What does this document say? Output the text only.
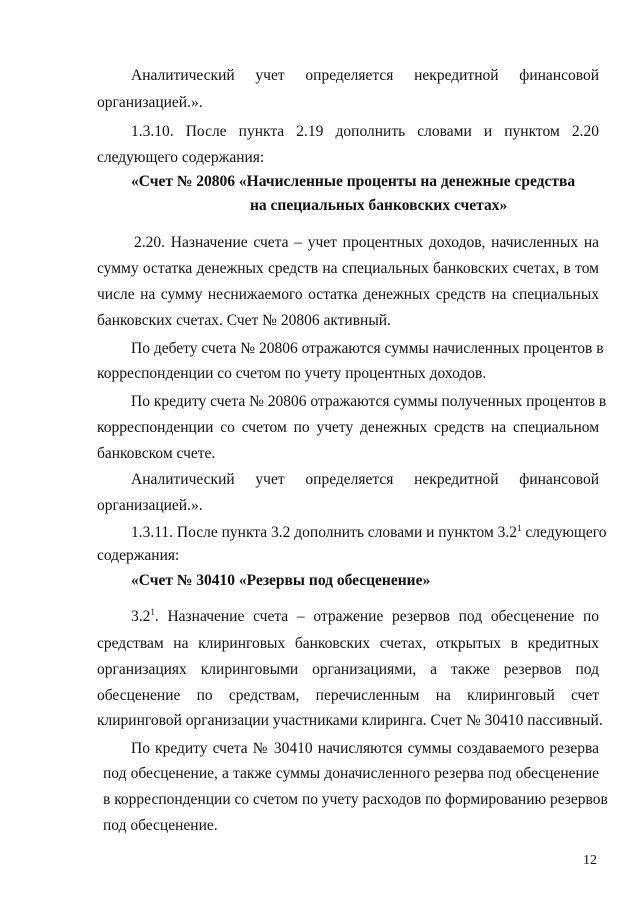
Аналитический учет определяется некредитной финансовой
организацией.».
1.3.10. После пункта 2.19 дополнить словами и пунктом 2.20
следующего содержания:
«Счет № 20806 «Начисленные проценты на денежные средства
на специальных банковских счетах»
2.20. Назначение счета – учет процентных доходов, начисленных на
сумму остатка денежных средств на специальных банковских счетах, в том
числе на сумму неснижаемого остатка денежных средств на специальных
банковских счетах. Счет № 20806 активный.
По дебету счета № 20806 отражаются суммы начисленных процентов в
корреспонденции со счетом по учету процентных доходов.
По кредиту счета № 20806 отражаются суммы полученных процентов в
корреспонденции со счетом по учету денежных средств на специальном
банковском счете.
Аналитический учет определяется некредитной финансовой
организацией.».
1.3.11. После пункта 3.2 дополнить словами и пунктом $3.2^1$ следующего
содержания:
«Счет № 30410 «Резервы под обесценение»
$3.2^1$ . Назначение счета – отражение резервов под обесценение по
средствам на клиринговых банковских счетах, открытых в кредитных
организациях клиринговыми организациями, а также резервов под
обесценение по средствам, перечисленным на клиринговый счет
клиринговой организации участниками клиринга. Счет № 30410 пассивный.
По кредиту счета № 30410 начисляются суммы создаваемого резерва
под обесценение, а также суммы доначисленного резерва под обесценение
в корреспонденции со счетом по учету расходов по формированию резервов
под обесценение.
12
